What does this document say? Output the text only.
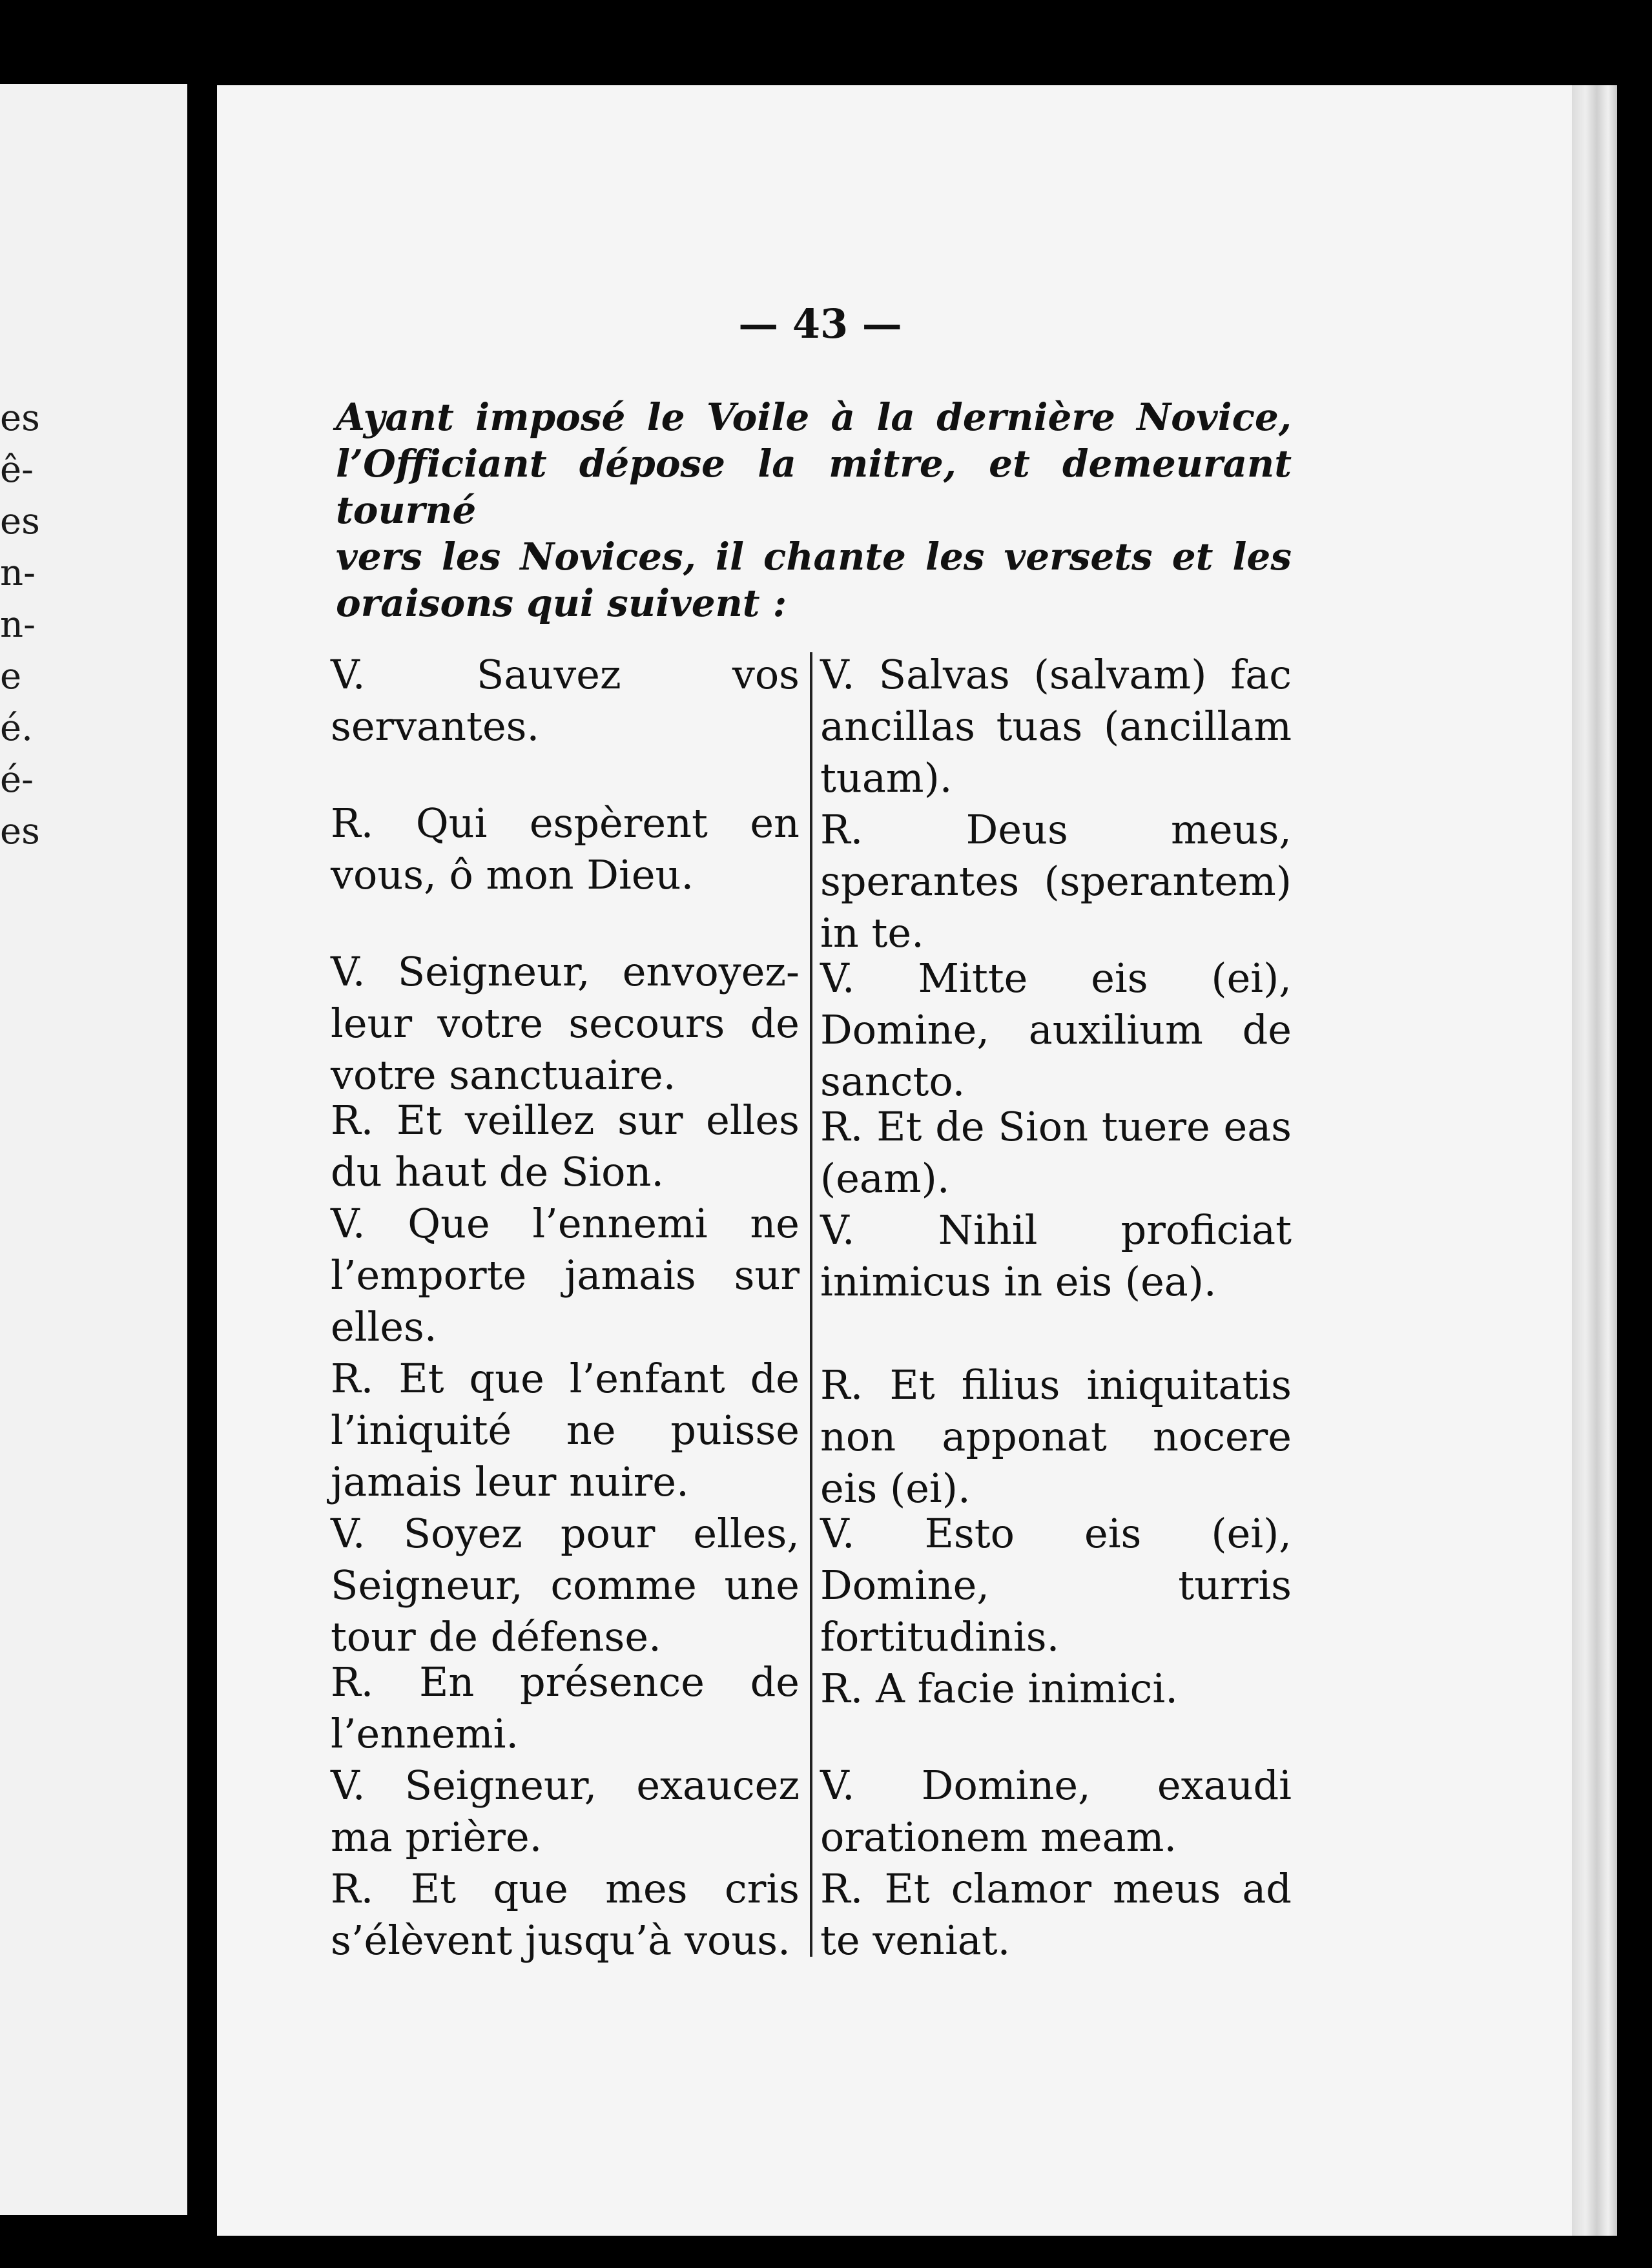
es
ê-
es
n-
n-
e
é.
é-
es
— 43 —
Ayant imposé le Voile à la dernière Novice,
l’Officiant dépose la mitre, et demeurant tourné
vers les Novices, il chante les versets et les
oraisons qui suivent :
V. Sauvez vos servantes.
R. Qui espèrent en vous, ô mon Dieu.
V. Seigneur, envoyez-leur votre secours de votre sanctuaire.
R. Et veillez sur elles du haut de Sion.
V. Que l’ennemi ne l’emporte jamais sur elles.
R. Et que l’enfant de l’iniquité ne puisse jamais leur nuire.
V. Soyez pour elles, Seigneur, comme une tour de défense.
R. En présence de l’ennemi.
V. Seigneur, exaucez ma prière.
R. Et que mes cris s’élèvent jusqu’à vous.
V. Salvas (salvam) fac ancillas tuas (ancillam tuam).
R. Deus meus, sperantes (sperantem) in te.
V. Mitte eis (ei), Domine, auxilium de sancto.
R. Et de Sion tuere eas (eam).
V. Nihil proficiat inimicus in eis (ea).
R. Et filius iniquitatis non apponat nocere eis (ei).
V. Esto eis (ei), Domine, turris fortitudinis.
R. A facie inimici.
V. Domine, exaudi orationem meam.
R. Et clamor meus ad te veniat.
